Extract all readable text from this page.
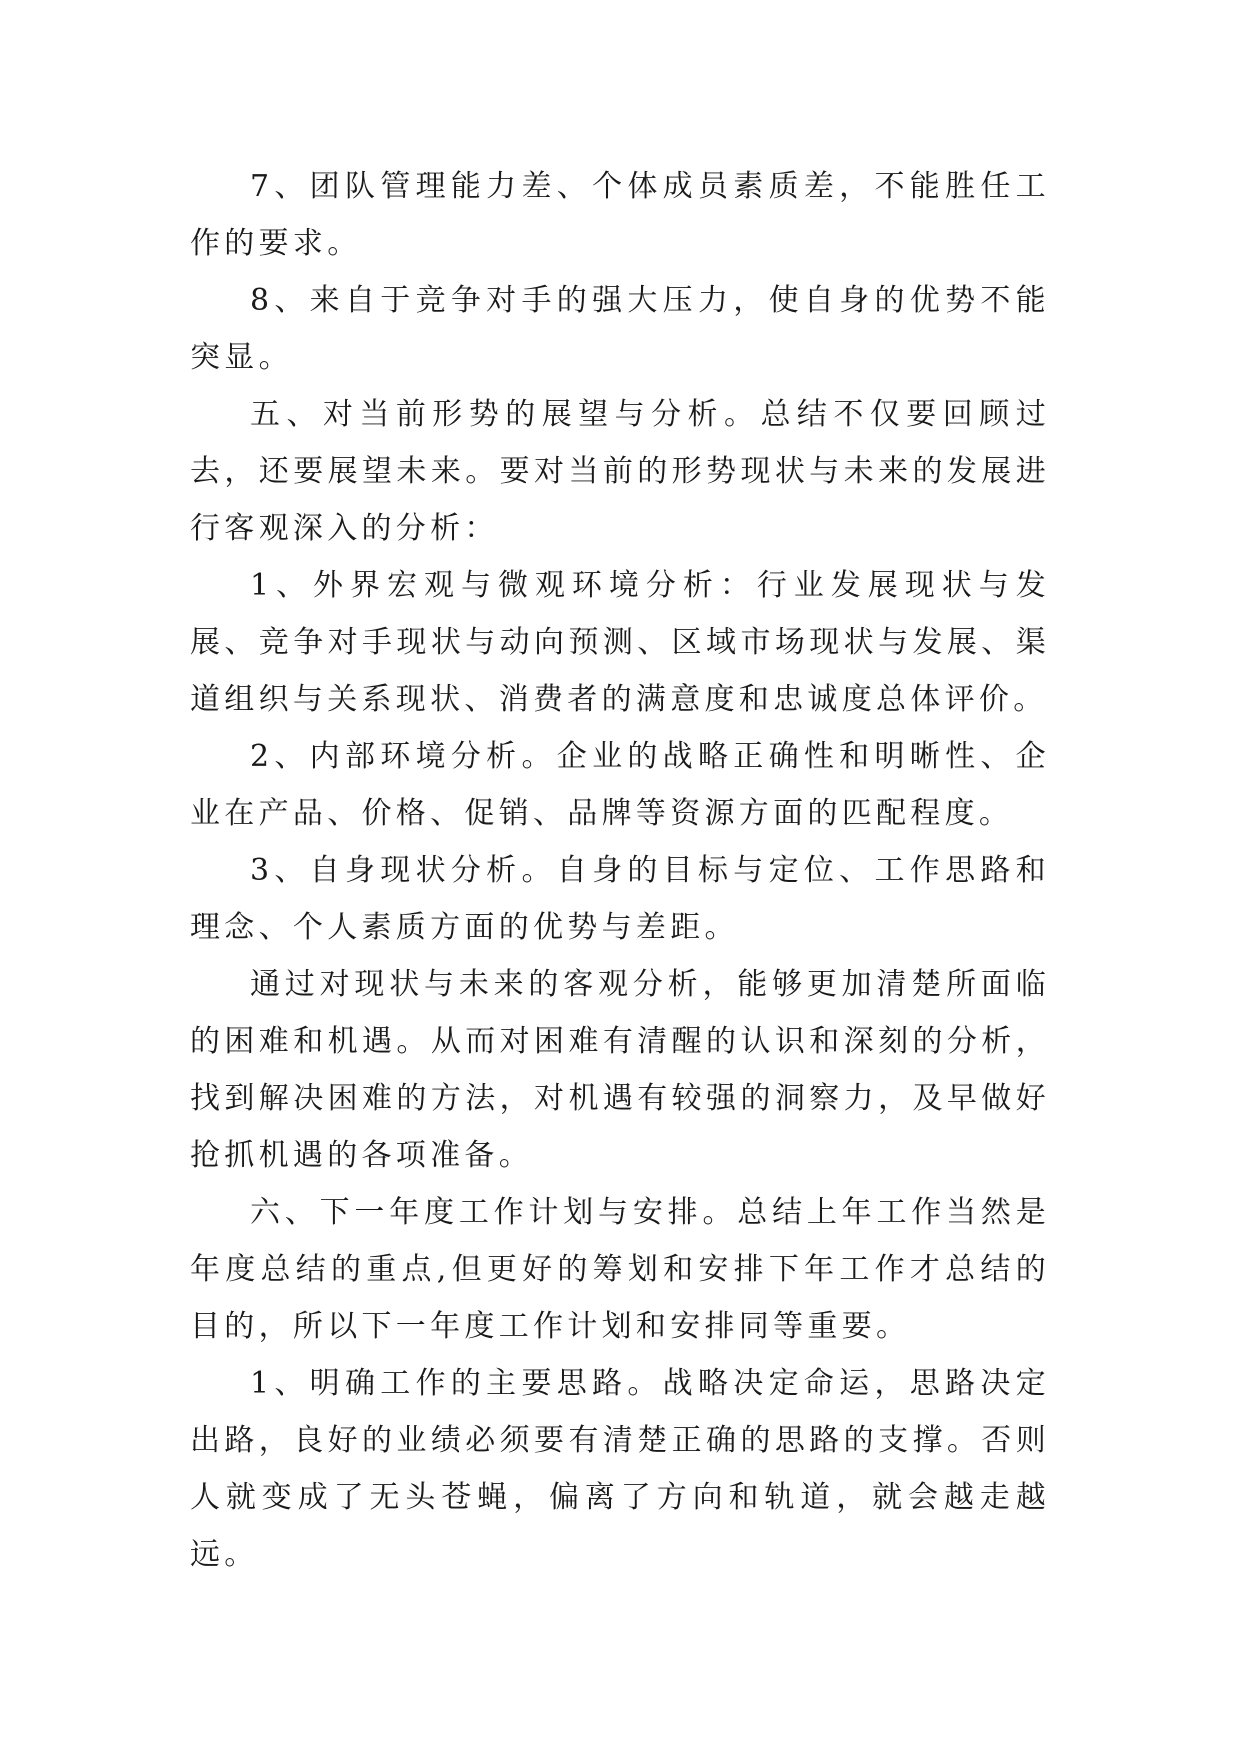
7、团队管理能力差、个体成员素质差，不能胜任工作的要求。

8、来自于竞争对手的强大压力，使自身的优势不能突显。

五、对当前形势的展望与分析。总结不仅要回顾过去，还要展望未来。要对当前的形势现状与未来的发展进行客观深入的分析：

1、外界宏观与微观环境分析：行业发展现状与发展、竞争对手现状与动向预测、区域市场现状与发展、渠道组织与关系现状、消费者的满意度和忠诚度总体评价。

2、内部环境分析。企业的战略正确性和明晰性、企业在产品、价格、促销、品牌等资源方面的匹配程度。

3、自身现状分析。自身的目标与定位、工作思路和理念、个人素质方面的优势与差距。

通过对现状与未来的客观分析，能够更加清楚所面临的困难和机遇。从而对困难有清醒的认识和深刻的分析，找到解决困难的方法，对机遇有较强的洞察力，及早做好抢抓机遇的各项准备。

六、下一年度工作计划与安排。总结上年工作当然是年度总结的重点,但更好的筹划和安排下年工作才总结的目的，所以下一年度工作计划和安排同等重要。

1、明确工作的主要思路。战略决定命运，思路决定出路，良好的业绩必须要有清楚正确的思路的支撑。否则人就变成了无头苍蝇，偏离了方向和轨道，就会越走越远。
